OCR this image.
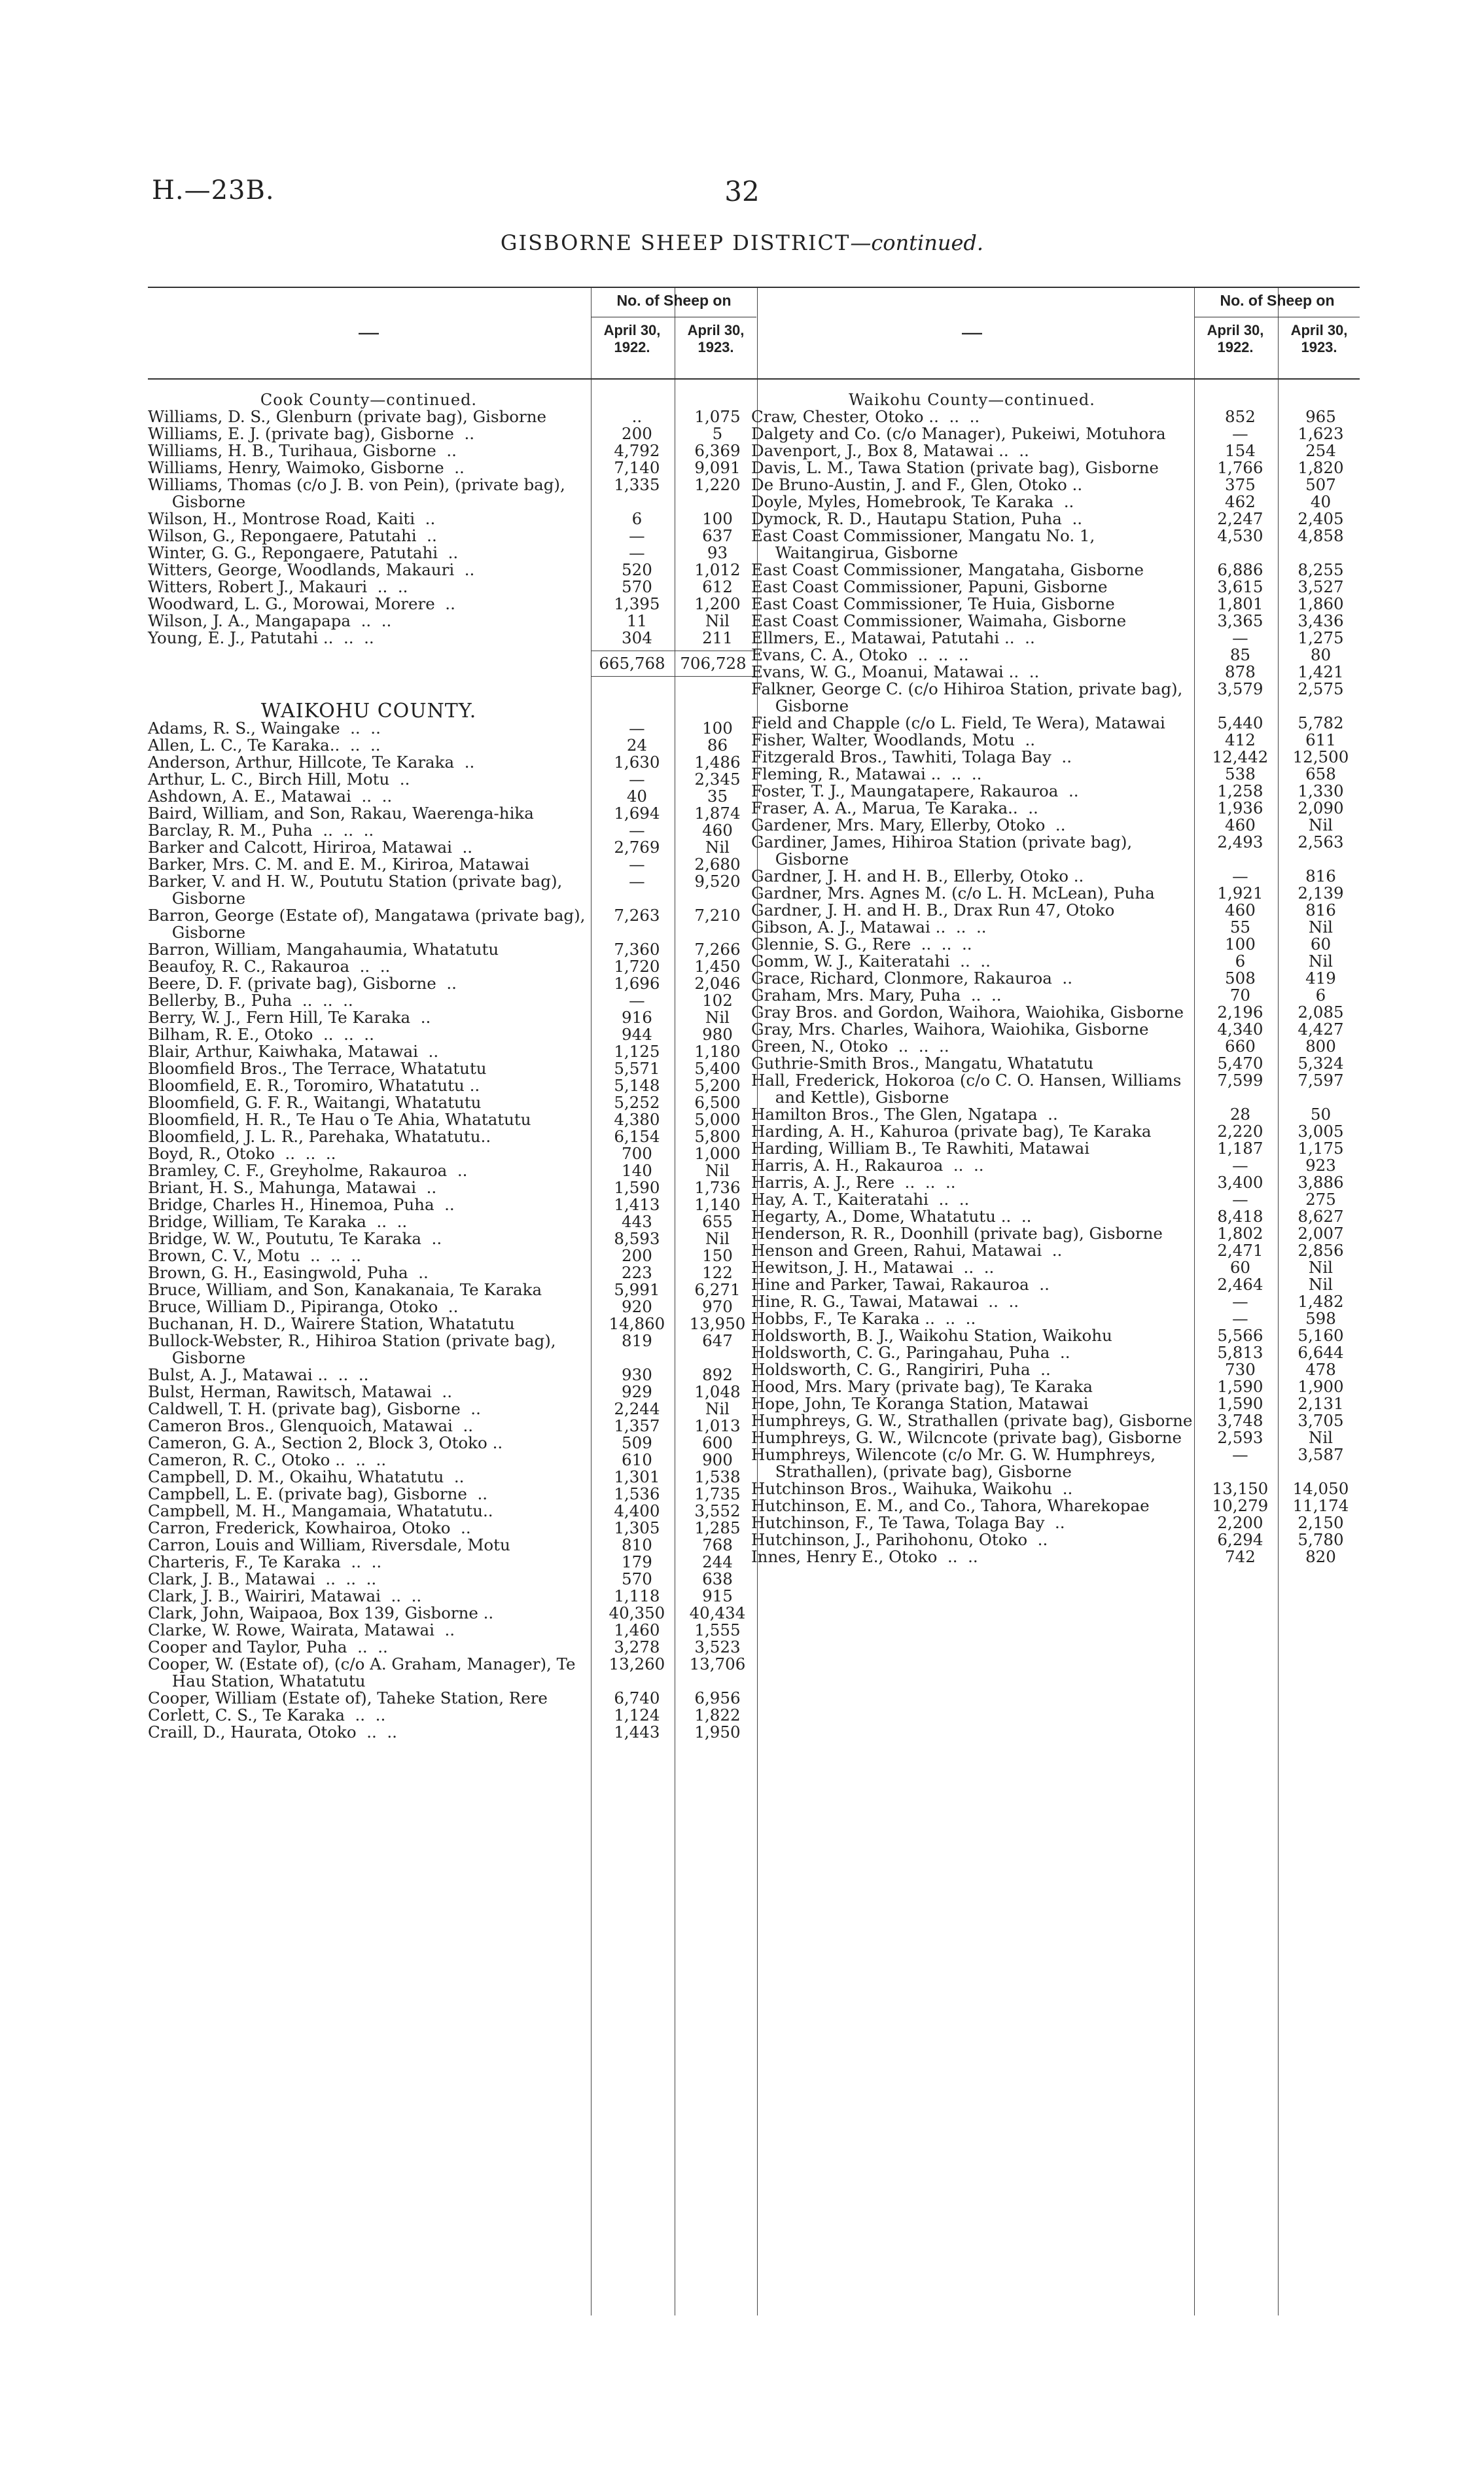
H.—23B.	32
GISBORNE SHEEP DISTRICT—continued.
—
No. of Sheep on
April 30,
1922.
April 30,
1923.
Cook County—continued.
Williams, D. S., Glenburn (private bag), Gisborne	..	1,075
Williams, E. J. (private bag), Gisborne  ..	200	5
Williams, H. B., Turihaua, Gisborne  ..	4,792	6,369
Williams, Henry, Waimoko, Gisborne  ..	7,140	9,091
Williams, Thomas (c/o J. B. von Pein), (private bag), Gisborne
1,335	1,220
Wilson, H., Montrose Road, Kaiti  ..	6	100
Wilson, G., Repongaere, Patutahi  ..	—	637
Winter, G. G., Repongaere, Patutahi  ..	—	93
Witters, George, Woodlands, Makauri  ..	520	1,012
Witters, Robert J., Makauri  ..  ..	570	612
Woodward, L. G., Morowai, Morere  ..	1,395	1,200
Wilson, J. A., Mangapapa  ..  ..	11	Nil
Young, E. J., Patutahi ..  ..  ..	304	211
665,768 706,728
WAIKOHU COUNTY.
Adams, R. S., Waingake  ..  ..	—	100
Allen, L. C., Te Karaka..  ..  ..	24	86
Anderson, Arthur, Hillcote, Te Karaka  ..	1,630	1,486
Arthur, L. C., Birch Hill, Motu  ..	—	2,345
Ashdown, A. E., Matawai  ..  ..	40	35
Baird, William, and Son, Rakau, Waerenga-hika	1,694	1,874
Barclay, R. M., Puha  ..  ..  ..	—	460
Barker and Calcott, Hiriroa, Matawai  ..	2,769	Nil
Barker, Mrs. C. M. and E. M., Kiriroa, Matawai	—	2,680
Barker, V. and H. W., Poututu Station (private bag), Gisborne
—	9,520
Barron, George (Estate of), Mangatawa (private bag), Gisborne
7,263	7,210
Barron, William, Mangahaumia, Whatatutu	7,360	7,266
Beaufoy, R. C., Rakauroa  ..  ..	1,720	1,450
Beere, D. F. (private bag), Gisborne  ..	1,696	2,046
Bellerby, B., Puha  ..  ..  ..	—	102
Berry, W. J., Fern Hill, Te Karaka  ..	916	Nil
Bilham, R. E., Otoko  ..  ..  ..	944	980
Blair, Arthur, Kaiwhaka, Matawai  ..	1,125	1,180
Bloomfield Bros., The Terrace, Whatatutu	5,571	5,400
Bloomfield, E. R., Toromiro, Whatatutu ..	5,148	5,200
Bloomfield, G. F. R., Waitangi, Whatatutu	5,252	6,500
Bloomfield, H. R., Te Hau o Te Ahia, Whatatutu	4,380	5,000
Bloomfield, J. L. R., Parehaka, Whatatutu..	6,154	5,800
Boyd, R., Otoko  ..  ..  ..	700	1,000
Bramley, C. F., Greyholme, Rakauroa  ..	140	Nil
Briant, H. S., Mahunga, Matawai  ..	1,590	1,736
Bridge, Charles H., Hinemoa, Puha  ..	1,413	1,140
Bridge, William, Te Karaka  ..  ..	443	655
Bridge, W. W., Poututu, Te Karaka  ..	8,593	Nil
Brown, C. V., Motu  ..  ..  ..	200	150
Brown, G. H., Easingwold, Puha  ..	223	122
Bruce, William, and Son, Kanakanaia, Te Karaka	5,991	6,271
Bruce, William D., Pipiranga, Otoko  ..	920	970
Buchanan, H. D., Wairere Station, Whatatutu	14,860	13,950
Bullock-Webster, R., Hihiroa Station (private bag), Gisborne
819	647
Bulst, A. J., Matawai ..  ..  ..	930	892
Bulst, Herman, Rawitsch, Matawai  ..	929	1,048
Caldwell, T. H. (private bag), Gisborne  ..	2,244	Nil
Cameron Bros., Glenquoich, Matawai  ..	1,357	1,013
Cameron, G. A., Section 2, Block 3, Otoko ..	509	600
Cameron, R. C., Otoko ..  ..  ..	610	900
Campbell, D. M., Okaihu, Whatatutu  ..	1,301	1,538
Campbell, L. E. (private bag), Gisborne  ..	1,536	1,735
Campbell, M. H., Mangamaia, Whatatutu..	4,400	3,552
Carron, Frederick, Kowhairoa, Otoko  ..	1,305	1,285
Carron, Louis and William, Riversdale, Motu	810	768
Charteris, F., Te Karaka  ..  ..	179	244
Clark, J. B., Matawai  ..  ..  ..	570	638
Clark, J. B., Wairiri, Matawai  ..  ..	1,118	915
Clark, John, Waipaoa, Box 139, Gisborne ..	40,350	40,434
Clarke, W. Rowe, Wairata, Matawai  ..	1,460	1,555
Cooper and Taylor, Puha  ..  ..	3,278	3,523
Cooper, W. (Estate of), (c/o A. Graham, Manager), Te Hau Station, Whatatutu
13,260	13,706
Cooper, William (Estate of), Taheke Station, Rere	6,740	6,956
Corlett, C. S., Te Karaka  ..  ..	1,124	1,822
Craill, D., Haurata, Otoko  ..  ..	1,443	1,950
—
No. of Sheep on
April 30,
1922.
April 30,
1923.
Waikohu County—continued.
Craw, Chester, Otoko ..  ..  ..	852	965
Dalgety and Co. (c/o Manager), Pukeiwi, Motuhora	—	1,623
Davenport, J., Box 8, Matawai ..  ..	154	254
Davis, L. M., Tawa Station (private bag), Gisborne	1,766	1,820
De Bruno-Austin, J. and F., Glen, Otoko ..	375	507
Doyle, Myles, Homebrook, Te Karaka  ..	462	40
Dymock, R. D., Hautapu Station, Puha  ..	2,247	2,405
East Coast Commissioner, Mangatu No. 1, Waitangirua, Gisborne
4,530	4,858
East Coast Commissioner, Mangataha, Gisborne	6,886	8,255
East Coast Commissioner, Papuni, Gisborne	3,615	3,527
East Coast Commissioner, Te Huia, Gisborne	1,801	1,860
East Coast Commissioner, Waimaha, Gisborne	3,365	3,436
Ellmers, E., Matawai, Patutahi ..  ..	—	1,275
Evans, C. A., Otoko  ..  ..  ..	85	80
Evans, W. G., Moanui, Matawai ..  ..	878	1,421
Falkner, George C. (c/o Hihiroa Station, private bag), Gisborne
3,579	2,575
Field and Chapple (c/o L. Field, Te Wera), Matawai	5,440	5,782
Fisher, Walter, Woodlands, Motu  ..	412	611
Fitzgerald Bros., Tawhiti, Tolaga Bay  ..	12,442	12,500
Fleming, R., Matawai ..  ..  ..	538	658
Foster, T. J., Maungatapere, Rakauroa  ..	1,258	1,330
Fraser, A. A., Marua, Te Karaka..  ..	1,936	2,090
Gardener, Mrs. Mary, Ellerby, Otoko  ..	460	Nil
Gardiner, James, Hihiroa Station (private bag), Gisborne
2,493	2,563
Gardner, J. H. and H. B., Ellerby, Otoko ..	—	816
Gardner, Mrs. Agnes M. (c/o L. H. McLean), Puha	1,921	2,139
Gardner, J. H. and H. B., Drax Run 47, Otoko	460	816
Gibson, A. J., Matawai ..  ..  ..	55	Nil
Glennie, S. G., Rere  ..  ..  ..	100	60
Gomm, W. J., Kaiteratahi  ..  ..	6	Nil
Grace, Richard, Clonmore, Rakauroa  ..	508	419
Graham, Mrs. Mary, Puha  ..  ..	70	6
Gray Bros. and Gordon, Waihora, Waiohika, Gisborne	2,196	2,085
Gray, Mrs. Charles, Waihora, Waiohika, Gisborne	4,340	4,427
Green, N., Otoko  ..  ..  ..	660	800
Guthrie-Smith Bros., Mangatu, Whatatutu	5,470	5,324
Hall, Frederick, Hokoroa (c/o C. O. Hansen, Williams and Kettle), Gisborne
7,599	7,597
Hamilton Bros., The Glen, Ngatapa  ..	28	50
Harding, A. H., Kahuroa (private bag), Te Karaka	2,220	3,005
Harding, William B., Te Rawhiti, Matawai	1,187	1,175
Harris, A. H., Rakauroa  ..  ..	—	923
Harris, A. J., Rere  ..  ..  ..	3,400	3,886
Hay, A. T., Kaiteratahi  ..  ..	—	275
Hegarty, A., Dome, Whatatutu ..  ..	8,418	8,627
Henderson, R. R., Doonhill (private bag), Gisborne	1,802	2,007
Henson and Green, Rahui, Matawai  ..	2,471	2,856
Hewitson, J. H., Matawai  ..  ..	60	Nil
Hine and Parker, Tawai, Rakauroa  ..	2,464	Nil
Hine, R. G., Tawai, Matawai  ..  ..	—	1,482
Hobbs, F., Te Karaka ..  ..  ..	—	598
Holdsworth, B. J., Waikohu Station, Waikohu	5,566	5,160
Holdsworth, C. G., Paringahau, Puha  ..	5,813	6,644
Holdsworth, C. G., Rangiriri, Puha  ..	730	478
Hood, Mrs. Mary (private bag), Te Karaka	1,590	1,900
Hope, John, Te Koranga Station, Matawai	1,590	2,131
Humphreys, G. W., Strathallen (private bag), Gisborne	3,748	3,705
Humphreys, G. W., Wilcncote (private bag), Gisborne	2,593	Nil
Humphreys, Wilencote (c/o Mr. G. W. Humphreys, Strathallen), (private bag), Gisborne
—	3,587
Hutchinson Bros., Waihuka, Waikohu  ..	13,150	14,050
Hutchinson, E. M., and Co., Tahora, Wharekopae	10,279	11,174
Hutchinson, F., Te Tawa, Tolaga Bay  ..	2,200	2,150
Hutchinson, J., Parihohonu, Otoko  ..	6,294	5,780
Innes, Henry E., Otoko  ..  ..	742	820
